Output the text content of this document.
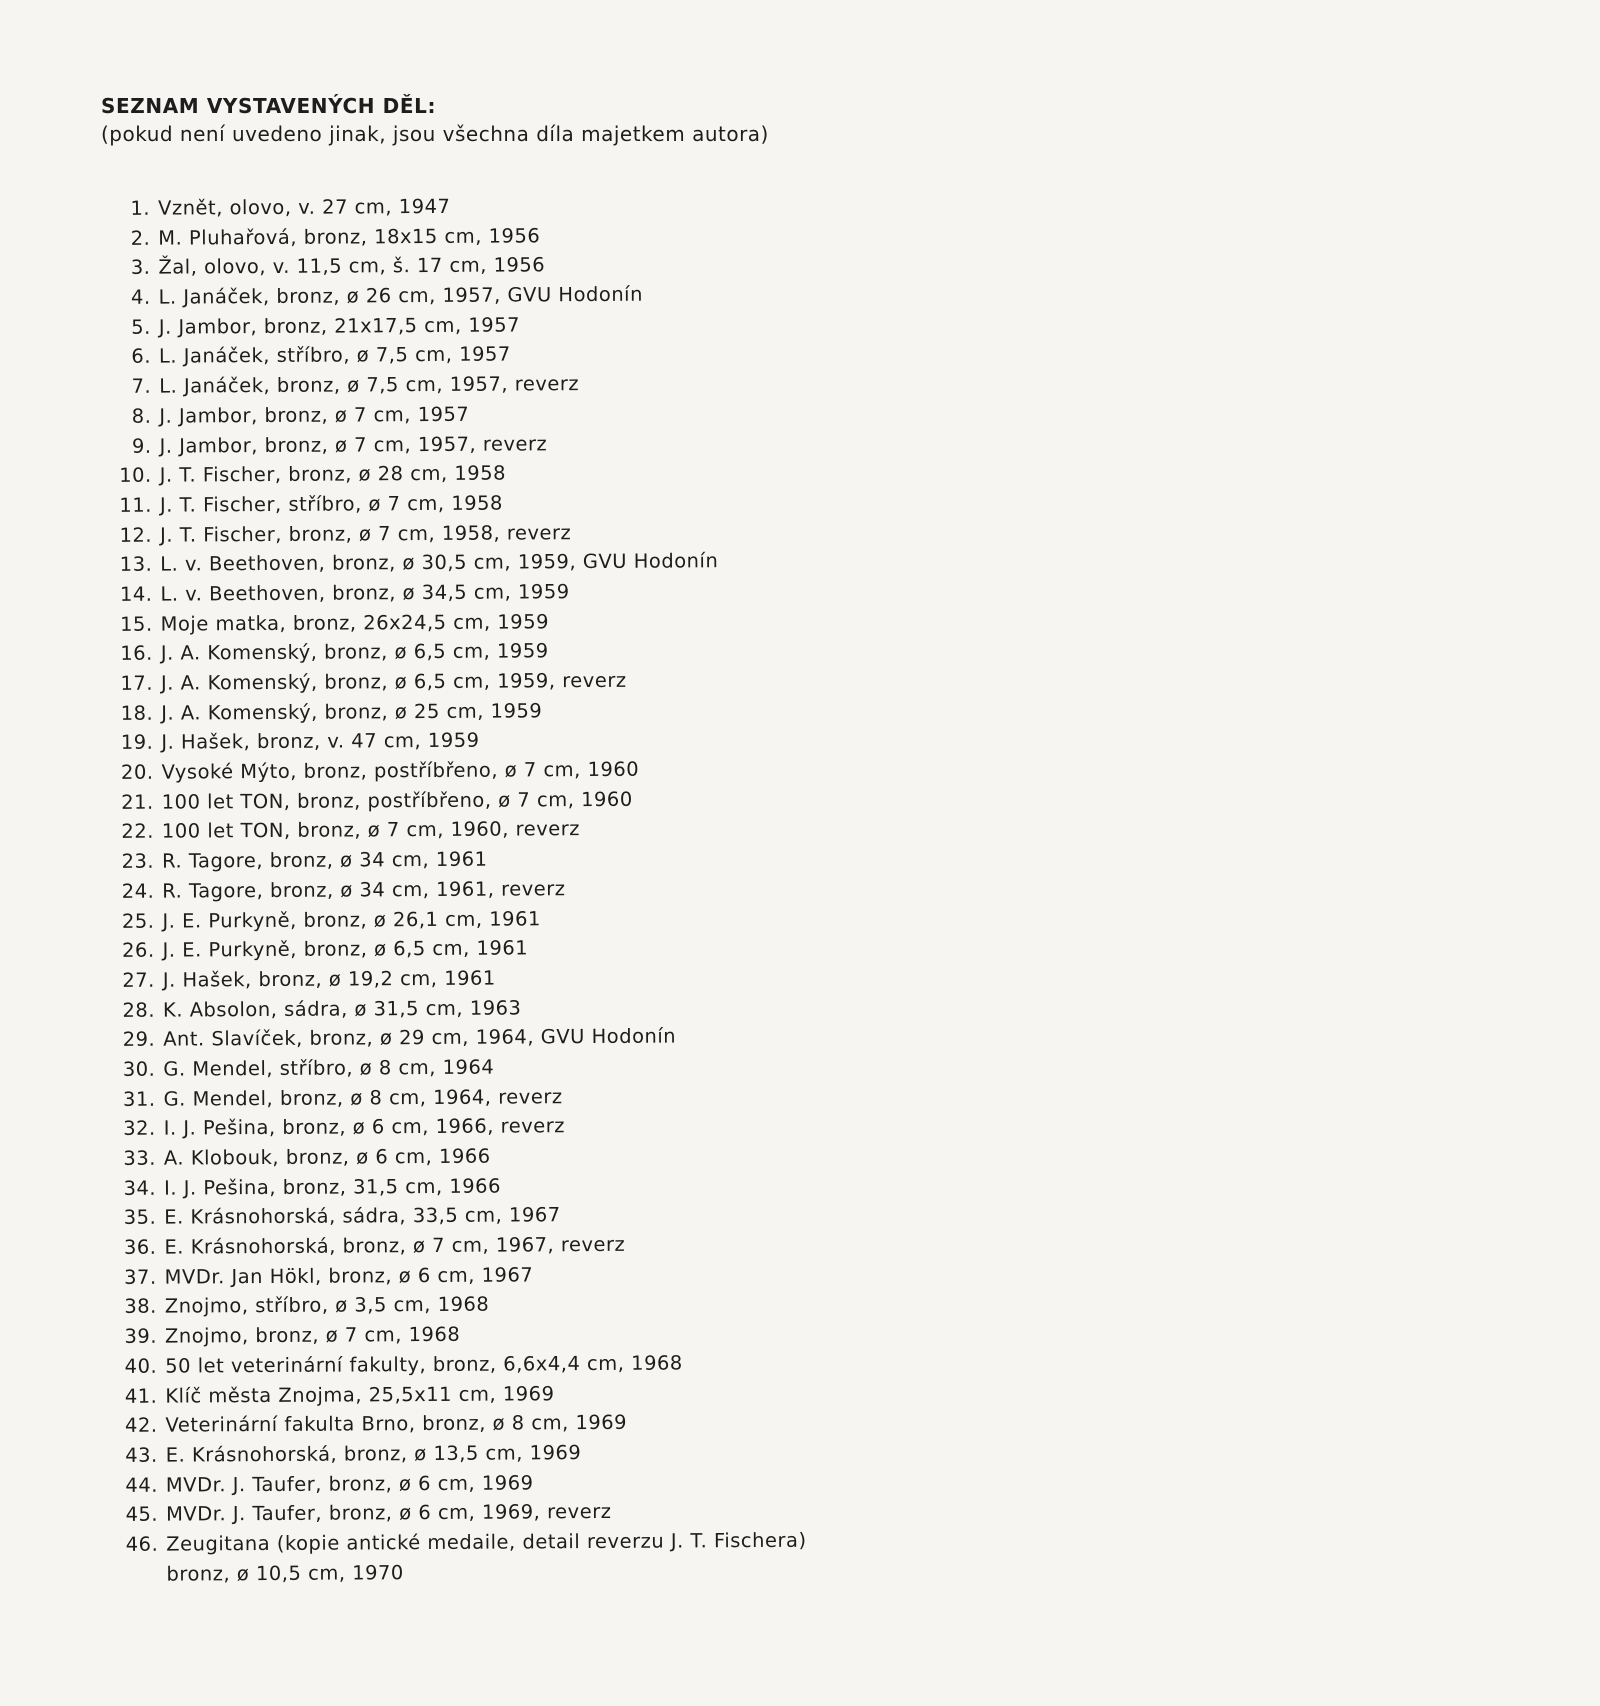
SEZNAM VYSTAVENÝCH DĚL:
(pokud není uvedeno jinak, jsou všechna díla majetkem autora)
1. Vznět, olovo, v. 27 cm, 1947
2. M. Pluhařová, bronz, 18x15 cm, 1956
3. Žal, olovo, v. 11,5 cm, š. 17 cm, 1956
4. L. Janáček, bronz, ø 26 cm, 1957, GVU Hodonín
5. J. Jambor, bronz, 21x17,5 cm, 1957
6. L. Janáček, stříbro, ø 7,5 cm, 1957
7. L. Janáček, bronz, ø 7,5 cm, 1957, reverz
8. J. Jambor, bronz, ø 7 cm, 1957
9. J. Jambor, bronz, ø 7 cm, 1957, reverz
10. J. T. Fischer, bronz, ø 28 cm, 1958
11. J. T. Fischer, stříbro, ø 7 cm, 1958
12. J. T. Fischer, bronz, ø 7 cm, 1958, reverz
13. L. v. Beethoven, bronz, ø 30,5 cm, 1959, GVU Hodonín
14. L. v. Beethoven, bronz, ø 34,5 cm, 1959
15. Moje matka, bronz, 26x24,5 cm, 1959
16. J. A. Komenský, bronz, ø 6,5 cm, 1959
17. J. A. Komenský, bronz, ø 6,5 cm, 1959, reverz
18. J. A. Komenský, bronz, ø 25 cm, 1959
19. J. Hašek, bronz, v. 47 cm, 1959
20. Vysoké Mýto, bronz, postříbřeno, ø 7 cm, 1960
21. 100 let TON, bronz, postříbřeno, ø 7 cm, 1960
22. 100 let TON, bronz, ø 7 cm, 1960, reverz
23. R. Tagore, bronz, ø 34 cm, 1961
24. R. Tagore, bronz, ø 34 cm, 1961, reverz
25. J. E. Purkyně, bronz, ø 26,1 cm, 1961
26. J. E. Purkyně, bronz, ø 6,5 cm, 1961
27. J. Hašek, bronz, ø 19,2 cm, 1961
28. K. Absolon, sádra, ø 31,5 cm, 1963
29. Ant. Slavíček, bronz, ø 29 cm, 1964, GVU Hodonín
30. G. Mendel, stříbro, ø 8 cm, 1964
31. G. Mendel, bronz, ø 8 cm, 1964, reverz
32. I. J. Pešina, bronz, ø 6 cm, 1966, reverz
33. A. Klobouk, bronz, ø 6 cm, 1966
34. I. J. Pešina, bronz, 31,5 cm, 1966
35. E. Krásnohorská, sádra, 33,5 cm, 1967
36. E. Krásnohorská, bronz, ø 7 cm, 1967, reverz
37. MVDr. Jan Hökl, bronz, ø 6 cm, 1967
38. Znojmo, stříbro, ø 3,5 cm, 1968
39. Znojmo, bronz, ø 7 cm, 1968
40. 50 let veterinární fakulty, bronz, 6,6x4,4 cm, 1968
41. Klíč města Znojma, 25,5x11 cm, 1969
42. Veterinární fakulta Brno, bronz, ø 8 cm, 1969
43. E. Krásnohorská, bronz, ø 13,5 cm, 1969
44. MVDr. J. Taufer, bronz, ø 6 cm, 1969
45. MVDr. J. Taufer, bronz, ø 6 cm, 1969, reverz
46. Zeugitana (kopie antické medaile, detail reverzu J. T. Fischera)
bronz, ø 10,5 cm, 1970
